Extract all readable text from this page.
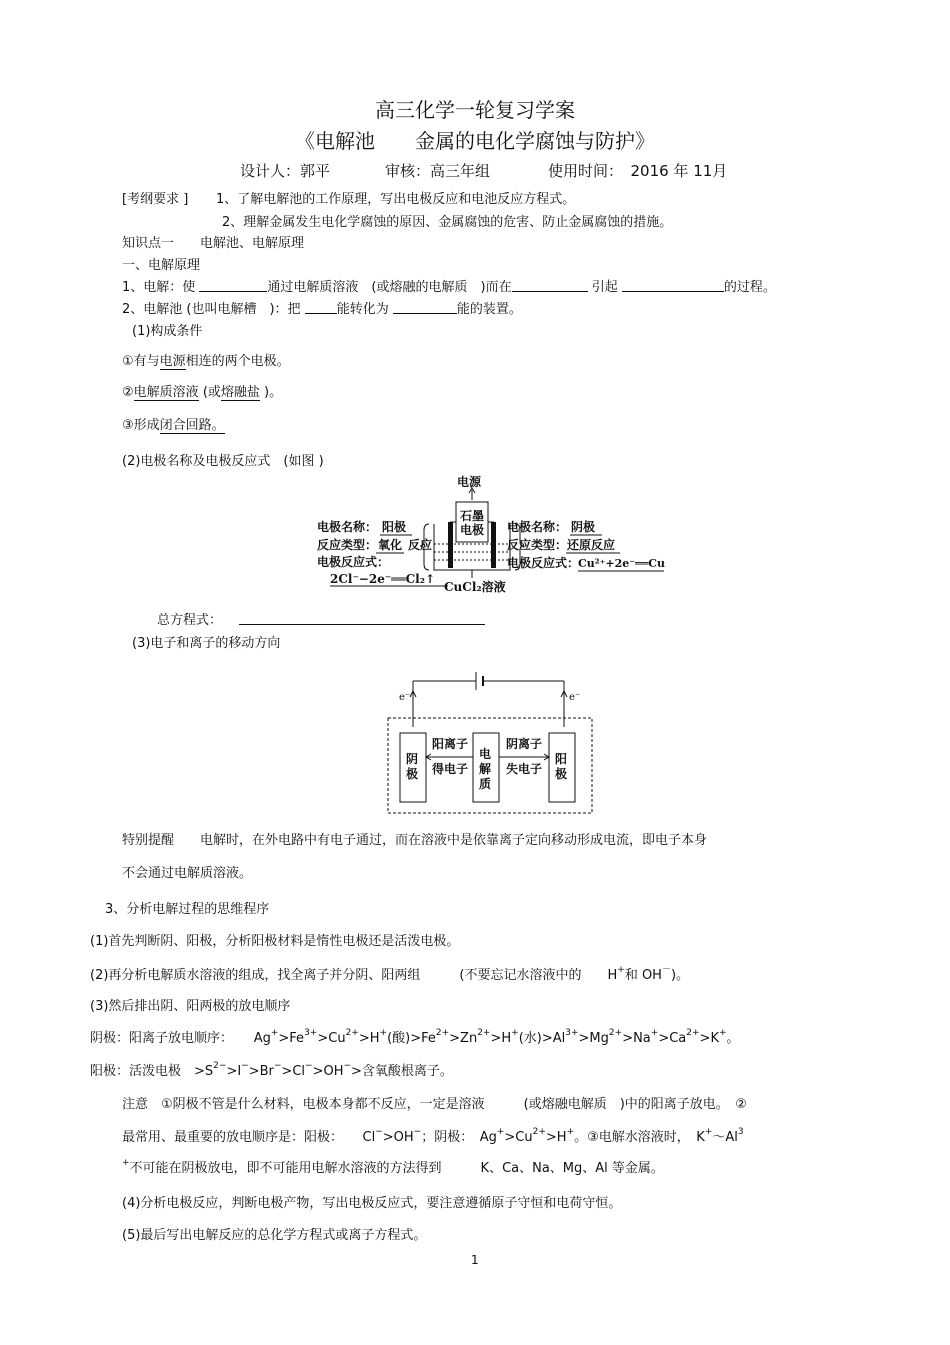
高三化学一轮复习学案
《电解池　　金属的电化学腐蚀与防护》
设计人：郭平	审核：高三年组	使用时间：　2016 年 11月
[考纲要求 ] 1、了解电解池的工作原理，写出电极反应和电池反应方程式。
2、理解金属发生电化学腐蚀的原因、金属腐蚀的危害、防止金属腐蚀的措施。
知识点一　　电解池、电解原理
一、电解原理
1、电解：使	通过电解质溶液　(或熔融的电解质　)而在	引起	的过程。
2、电解池 (也叫电解槽　)：把	能转化为	能的装置。
(1)构成条件
①有与电源相连的两个电极。
②电解质溶液 (或熔融盐 )。
③形成闭合回路。
(2)电极名称及电极反应式　(如图 )
电源
石墨
电极
电极名称： 阳极
反应类型： 氧化 反应
电极反应式：
2Cl⁻−2e⁻══Cl₂↑
电极名称： 阴极
反应类型： 还原反应
电极反应式：
Cu²⁺+2e⁻══Cu
CuCl₂溶液
总方程式：
(3)电子和离子的移动方向
e⁻	e⁻
阴
极
阳离子
得电子
电
解
质
阴离子
失电子
阳
极
特别提醒　　电解时，在外电路中有电子通过，而在溶液中是依靠离子定向移动形成电流，即电子本身
不会通过电解质溶液。
3、分析电解过程的思维程序
(1)首先判断阴、阳极，分析阳极材料是惰性电极还是活泼电极。
(2)再分析电解质水溶液的组成，找全离子并分阴、阳两组　　　(不要忘记水溶液中的　　H+和 OH－)。
(3)然后排出阴、阳两极的放电顺序
阴极：阳离子放电顺序： $Ag^+>Fe^{3+}>Cu^{2+}>H^+$(酸)$>Fe^{2+}>Zn^{2+}>H^+$(水)$>Al^{3+}>Mg^{2+}>Na^+>Ca^{2+}>K^+$。
阳极：活泼电极　$>S^{2-}>I^->Br^->Cl^->OH^->$含氧酸根离子。
注意　①阴极不管是什么材料，电极本身都不反应，一定是溶液　　　(或熔融电解质　)中的阳离子放电。　②
最常用、最重要的放电顺序是：阳极：　　Cl−>OH−；阴极：　$Ag^+>Cu^{2+}>H^+$。③电解水溶液时，　K+～Al$^3$
+不可能在阴极放电，即不可能用电解水溶液的方法得到　　　K、Ca、Na、Mg、Al 等金属。
(4)分析电极反应，判断电极产物，写出电极反应式，要注意遵循原子守恒和电荷守恒。
(5)最后写出电解反应的总化学方程式或离子方程式。
1
